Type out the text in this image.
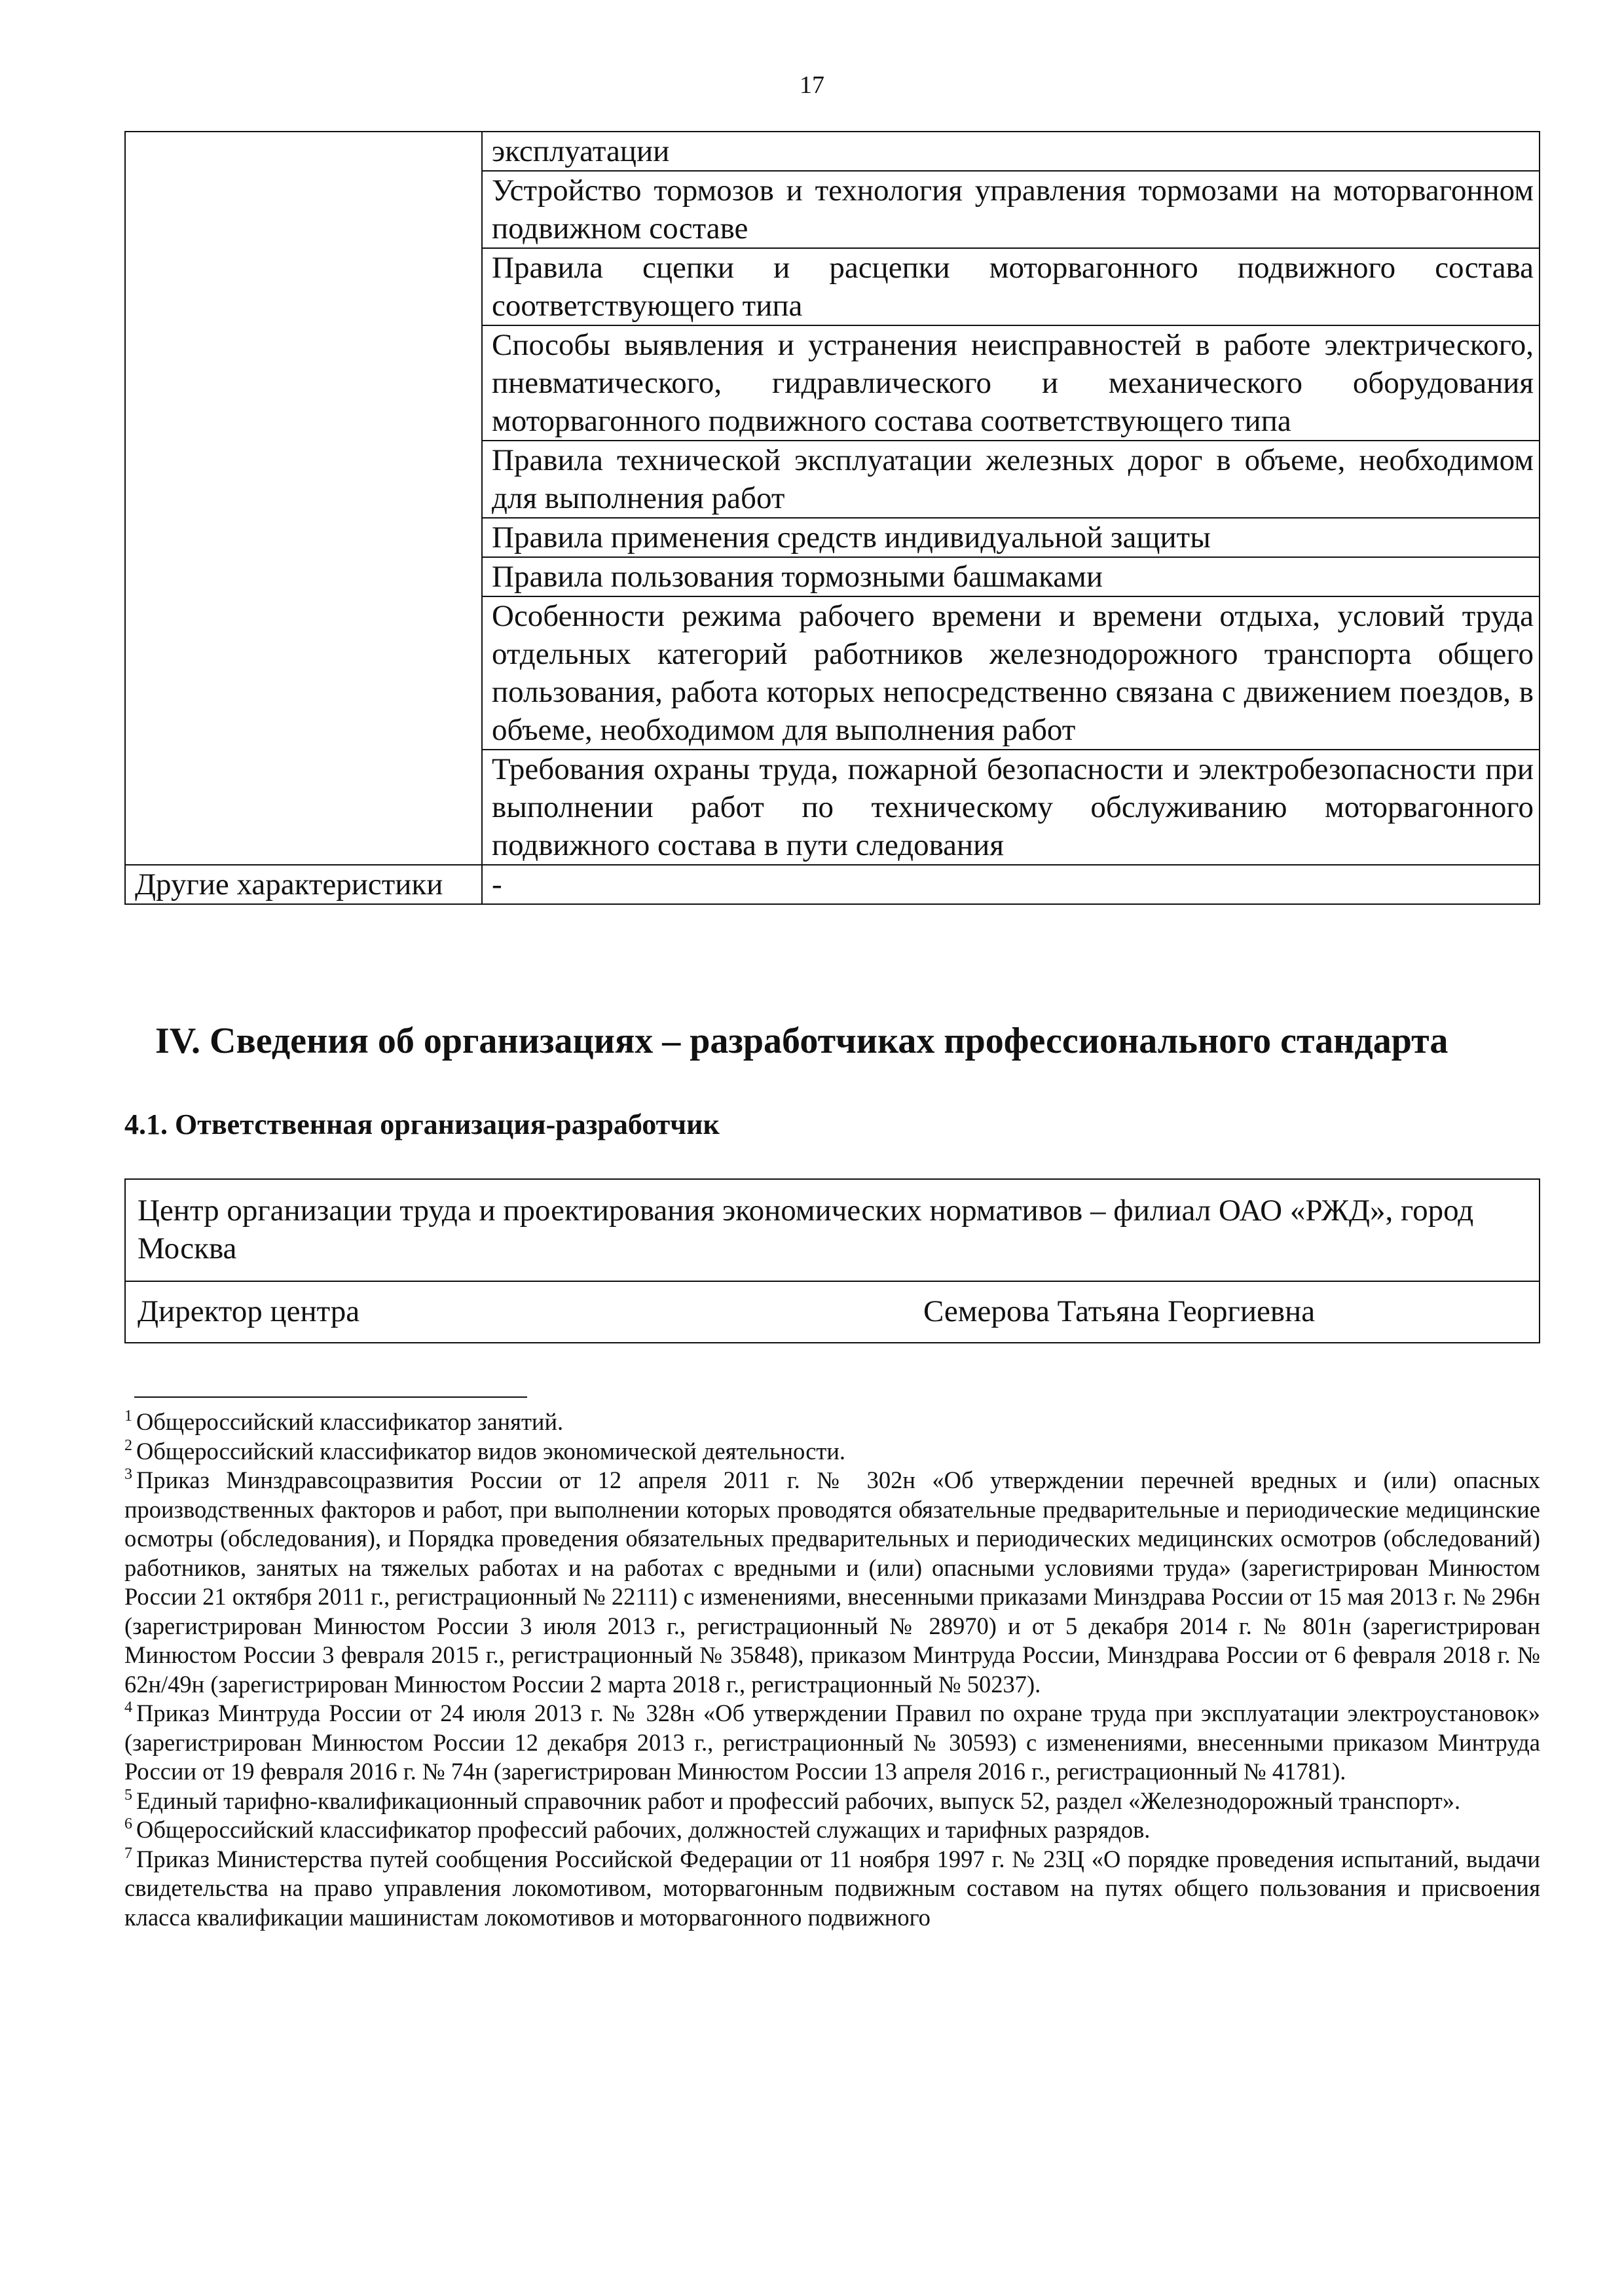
17
	эксплуатации
	Устройство тормозов и технология управления тормозами на моторвагонном подвижном составе
	Правила сцепки и расцепки моторвагонного подвижного состава соответствующего типа
	Способы выявления и устранения неисправностей в работе электрического, пневматического, гидравлического и механического оборудования моторвагонного подвижного состава соответствующего типа
	Правила технической эксплуатации железных дорог в объеме, необходимом для выполнения работ
	Правила применения средств индивидуальной защиты
	Правила пользования тормозными башмаками
	Особенности режима рабочего времени и времени отдыха, условий труда отдельных категорий работников железнодорожного транспорта общего пользования, работа которых непосредственно связана с движением поездов, в объеме, необходимом для выполнения работ
	Требования охраны труда, пожарной безопасности и электробезопасности при выполнении работ по техническому обслуживанию моторвагонного подвижного состава в пути следования
Другие характеристики	-
IV. Сведения об организациях – разработчиках профессионального стандарта
4.1. Ответственная организация-разработчик
Центр организации труда и проектирования экономических нормативов – филиал ОАО «РЖД», город Москва
Директор центра	Семерова Татьяна Георгиевна

$^1$ Общероссийский классификатор занятий.

$^2$ Общероссийский классификатор видов экономической деятельности.

$^3$ Приказ Минздравсоцразвития России от 12 апреля 2011 г. № 302н «Об утверждении перечней вредных и (или) опасных производственных факторов и работ, при выполнении которых проводятся обязательные предварительные и периодические медицинские осмотры (обследования), и Порядка проведения обязательных предварительных и периодических медицинских осмотров (обследований) работников, занятых на тяжелых работах и на работах с вредными и (или) опасными условиями труда» (зарегистрирован Минюстом России 21 октября 2011 г., регистрационный № 22111) с изменениями, внесенными приказами Минздрава России от 15 мая 2013 г. № 296н (зарегистрирован Минюстом России 3 июля 2013 г., регистрационный № 28970) и от 5 декабря 2014 г. № 801н (зарегистрирован Минюстом России 3 февраля 2015 г., регистрационный № 35848), приказом Минтруда России, Минздрава России от 6 февраля 2018 г. № 62н/49н (зарегистрирован Минюстом России 2 марта 2018 г., регистрационный № 50237).

$^4$ Приказ Минтруда России от 24 июля 2013 г. № 328н «Об утверждении Правил по охране труда при эксплуатации электроустановок» (зарегистрирован Минюстом России 12 декабря 2013 г., регистрационный № 30593) с изменениями, внесенными приказом Минтруда России от 19 февраля 2016 г. № 74н (зарегистрирован Минюстом России 13 апреля 2016 г., регистрационный № 41781).

$^5$ Единый тарифно-квалификационный справочник работ и профессий рабочих, выпуск 52, раздел «Железнодорожный транспорт».

$^6$ Общероссийский классификатор профессий рабочих, должностей служащих и тарифных разрядов.

$^7$ Приказ Министерства путей сообщения Российской Федерации от 11 ноября 1997 г. № 23Ц «О порядке проведения испытаний, выдачи свидетельства на право управления локомотивом, моторвагонным подвижным составом на путях общего пользования и присвоения класса квалификации машинистам локомотивов и моторвагонного подвижного
